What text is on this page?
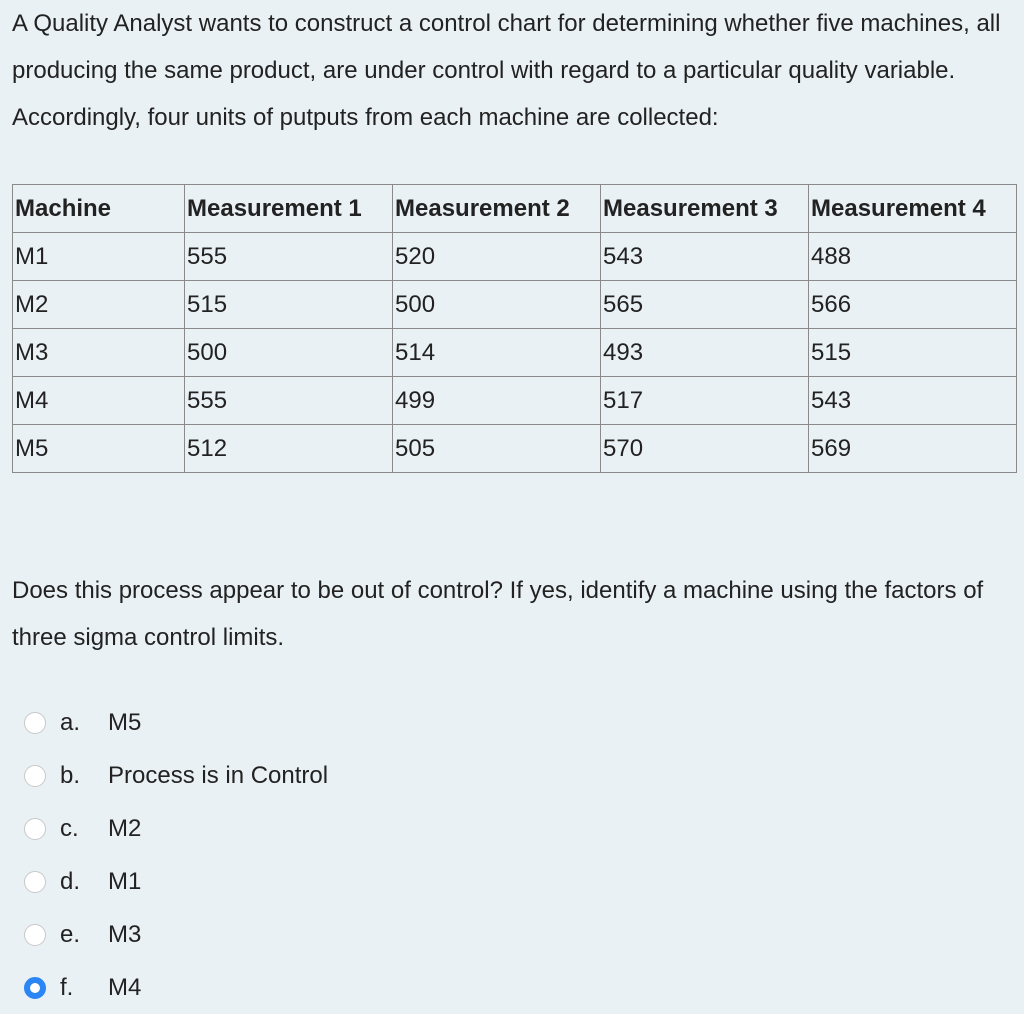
A Quality Analyst wants to construct a control chart for determining whether five machines, all producing the same product, are under control with regard to a particular quality variable. Accordingly, four units of putputs from each machine are collected:

Machine	Measurement 1	Measurement 2	Measurement 3	Measurement 4
M1	555	520	543	488
M2	515	500	565	566
M3	500	514	493	515
M4	555	499	517	543
M5	512	505	570	569

Does this process appear to be out of control? If yes, identify a machine using the factors of three sigma control limits.

a.	M5
b.	Process is in Control
c.	M2
d.	M1
e.	M3
f.	M4
